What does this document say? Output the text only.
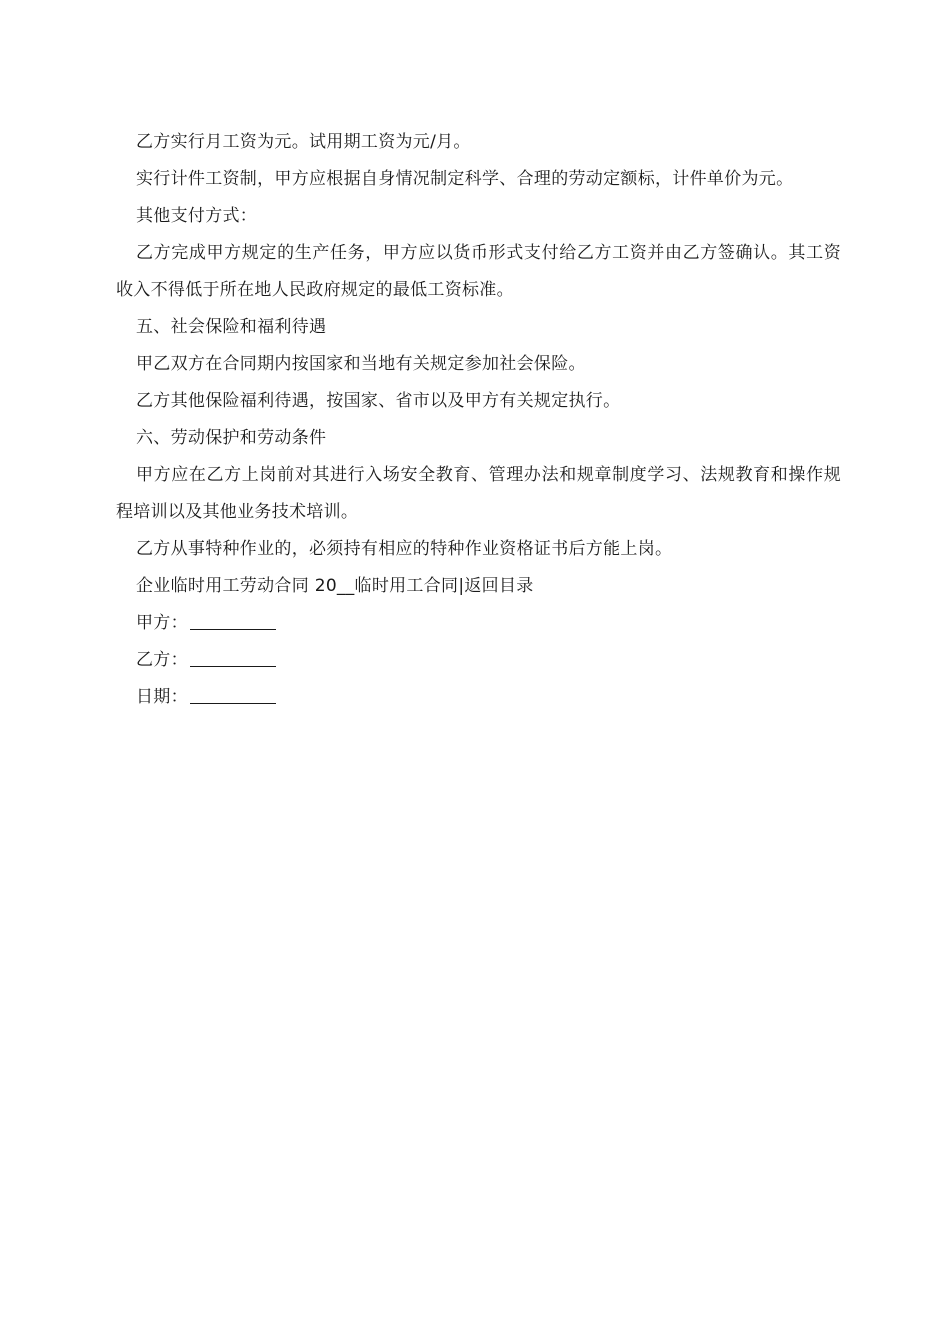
乙方实行月工资为元。试用期工资为元/月。

实行计件工资制，甲方应根据自身情况制定科学、合理的劳动定额标，计件单价为元。

其他支付方式：

乙方完成甲方规定的生产任务，甲方应以货币形式支付给乙方工资并由乙方签确认。其工资收入不得低于所在地人民政府规定的最低工资标准。

五、社会保险和福利待遇

甲乙双方在合同期内按国家和当地有关规定参加社会保险。

乙方其他保险福利待遇，按国家、省市以及甲方有关规定执行。

六、劳动保护和劳动条件

甲方应在乙方上岗前对其进行入场安全教育、管理办法和规章制度学习、法规教育和操作规程培训以及其他业务技术培训。

乙方从事特种作业的，必须持有相应的特种作业资格证书后方能上岗。

企业临时用工劳动合同 20__临时用工合同|返回目录

甲方：

乙方：

日期：
